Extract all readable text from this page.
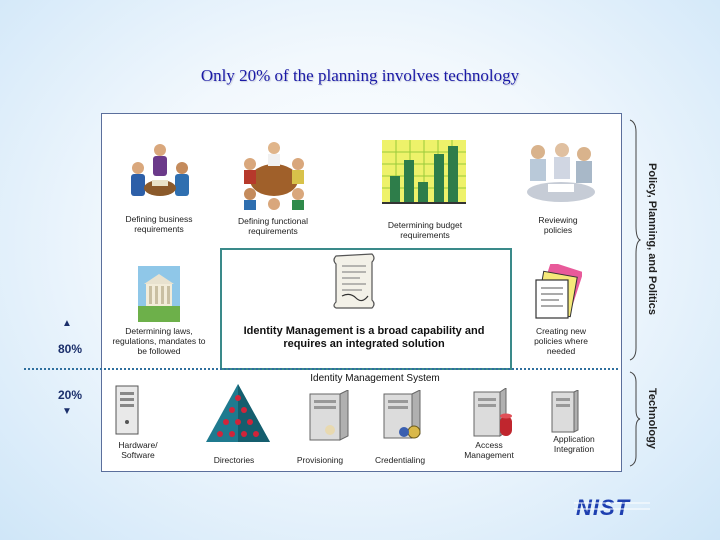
Only 20% of the planning involves technology
Defining business requirements
Defining functional requirements
Determining budget requirements
Reviewing policies
Determining laws, regulations, mandates to be followed
Identity Management is a broad capability and requires an integrated solution
Creating new policies where needed
Identity Management System
Hardware/ Software	Directories	Provisioning	Credentialing
Access Management
Application Integration
▲
80%
20%
▼
Policy, Planning, and Politics
Technology
NIST
